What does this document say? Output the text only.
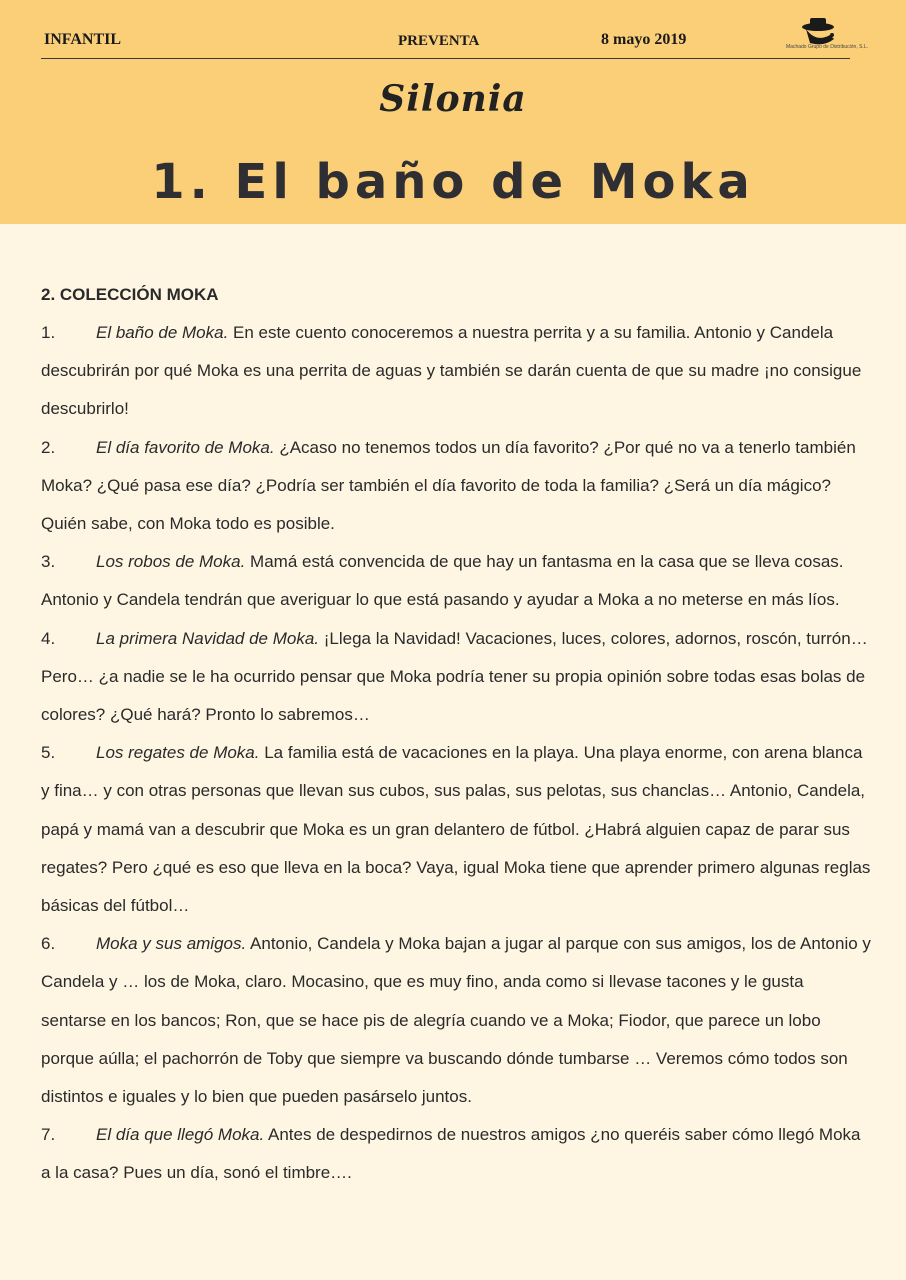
INFANTIL	PREVENTA	8 mayo 2019	Machado Grupo de Distribución, S.L.
Silonia
1. El baño de Moka

2. COLECCIÓN MOKA

1. El baño de Moka. En este cuento conoceremos a nuestra perrita y a su familia. Antonio y Candela descubrirán por qué Moka es una perrita de aguas y también se darán cuenta de que su madre ¡no consigue descubrirlo!

2. El día favorito de Moka. ¿Acaso no tenemos todos un día favorito? ¿Por qué no va a tenerlo también Moka? ¿Qué pasa ese día? ¿Podría ser también el día favorito de toda la familia? ¿Será un día mágico? Quién sabe, con Moka todo es posible.

3. Los robos de Moka. Mamá está convencida de que hay un fantasma en la casa que se lleva cosas. Antonio y Candela tendrán que averiguar lo que está pasando y ayudar a Moka a no meterse en más líos.

4. La primera Navidad de Moka. ¡Llega la Navidad! Vacaciones, luces, colores, adornos, roscón, turrón… Pero… ¿a nadie se le ha ocurrido pensar que Moka podría tener su propia opinión sobre todas esas bolas de colores? ¿Qué hará? Pronto lo sabremos…

5. Los regates de Moka. La familia está de vacaciones en la playa. Una playa enorme, con arena blanca y fina… y con otras personas que llevan sus cubos, sus palas, sus pelotas, sus chanclas… Antonio, Candela, papá y mamá van a descubrir que Moka es un gran delantero de fútbol. ¿Habrá alguien capaz de parar sus regates? Pero ¿qué es eso que lleva en la boca? Vaya, igual Moka tiene que aprender primero algunas reglas básicas del fútbol…

6. Moka y sus amigos. Antonio, Candela y Moka bajan a jugar al parque con sus amigos, los de Antonio y Candela y … los de Moka, claro. Mocasino, que es muy fino, anda como si llevase tacones y le gusta sentarse en los bancos; Ron, que se hace pis de alegría cuando ve a Moka; Fiodor, que parece un lobo porque aúlla; el pachorrón de Toby que siempre va buscando dónde tumbarse … Veremos cómo todos son distintos e iguales y lo bien que pueden pasárselo juntos.

7. El día que llegó Moka. Antes de despedirnos de nuestros amigos ¿no queréis saber cómo llegó Moka a la casa? Pues un día, sonó el timbre….
